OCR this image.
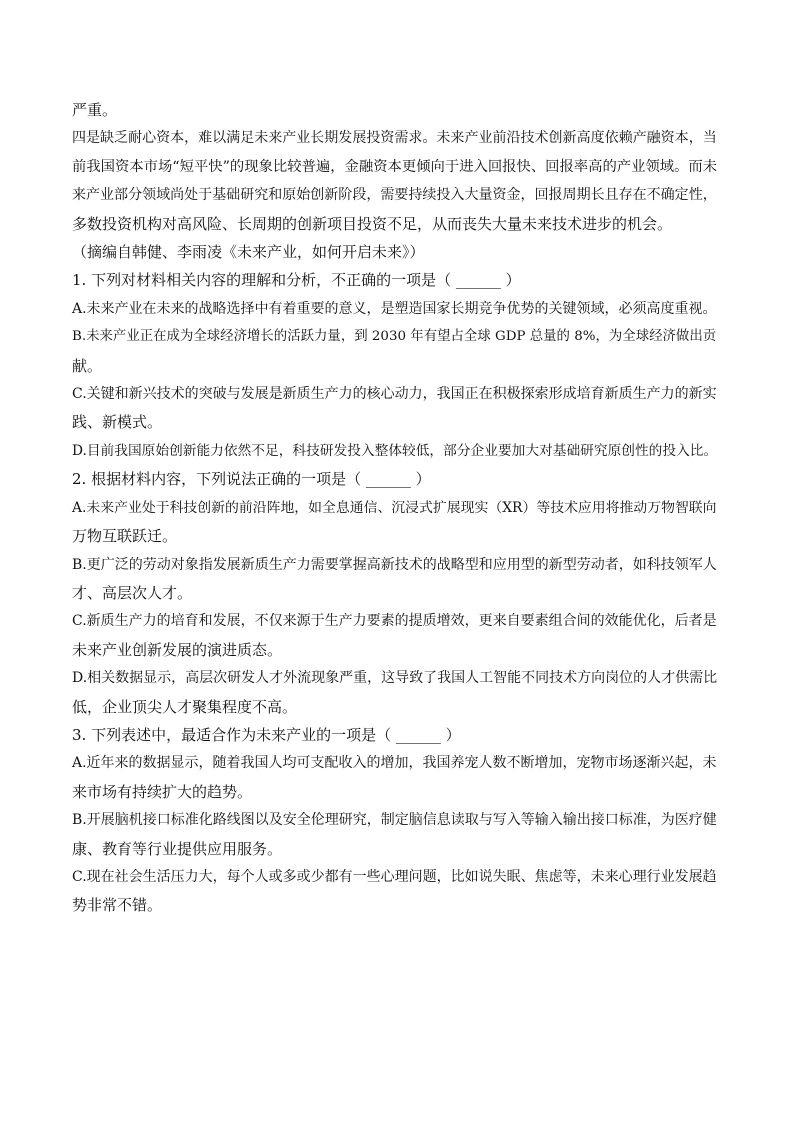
严重。

四是缺乏耐心资本，难以满足未来产业长期发展投资需求。未来产业前沿技术创新高度依赖产融资本，当

前我国资本市场“短平快”的现象比较普遍，金融资本更倾向于进入回报快、回报率高的产业领域。而未

来产业部分领域尚处于基础研究和原始创新阶段，需要持续投入大量资金，回报周期长且存在不确定性，

多数投资机构对高风险、长周期的创新项目投资不足，从而丧失大量未来技术进步的机会。

（摘编自韩健、李雨凌《未来产业，如何开启未来》）

1. 下列对材料相关内容的理解和分析，不正确的一项是（ ______ ）

A.未来产业在未来的战略选择中有着重要的意义，是塑造国家长期竞争优势的关键领域，必须高度重视。

B.未来产业正在成为全球经济增长的活跃力量，到 2030 年有望占全球 GDP 总量的 8%，为全球经济做出贡

献。

C.关键和新兴技术的突破与发展是新质生产力的核心动力，我国正在积极探索形成培育新质生产力的新实

践、新模式。

D.目前我国原始创新能力依然不足，科技研发投入整体较低，部分企业要加大对基础研究原创性的投入比。

2. 根据材料内容，下列说法正确的一项是（ ______ ）

A.未来产业处于科技创新的前沿阵地，如全息通信、沉浸式扩展现实（XR）等技术应用将推动万物智联向

万物互联跃迁。

B.更广泛的劳动对象指发展新质生产力需要掌握高新技术的战略型和应用型的新型劳动者，如科技领军人

才、高层次人才。

C.新质生产力的培育和发展，不仅来源于生产力要素的提质增效，更来自要素组合间的效能优化，后者是

未来产业创新发展的演进质态。

D.相关数据显示，高层次研发人才外流现象严重，这导致了我国人工智能不同技术方向岗位的人才供需比

低，企业顶尖人才聚集程度不高。

3. 下列表述中，最适合作为未来产业的一项是（ ______ ）

A.近年来的数据显示，随着我国人均可支配收入的增加，我国养宠人数不断增加，宠物市场逐渐兴起，未

来市场有持续扩大的趋势。

B.开展脑机接口标准化路线图以及安全伦理研究，制定脑信息读取与写入等输入输出接口标准，为医疗健

康、教育等行业提供应用服务。

C.现在社会生活压力大，每个人或多或少都有一些心理问题，比如说失眠、焦虑等，未来心理行业发展趋

势非常不错。
